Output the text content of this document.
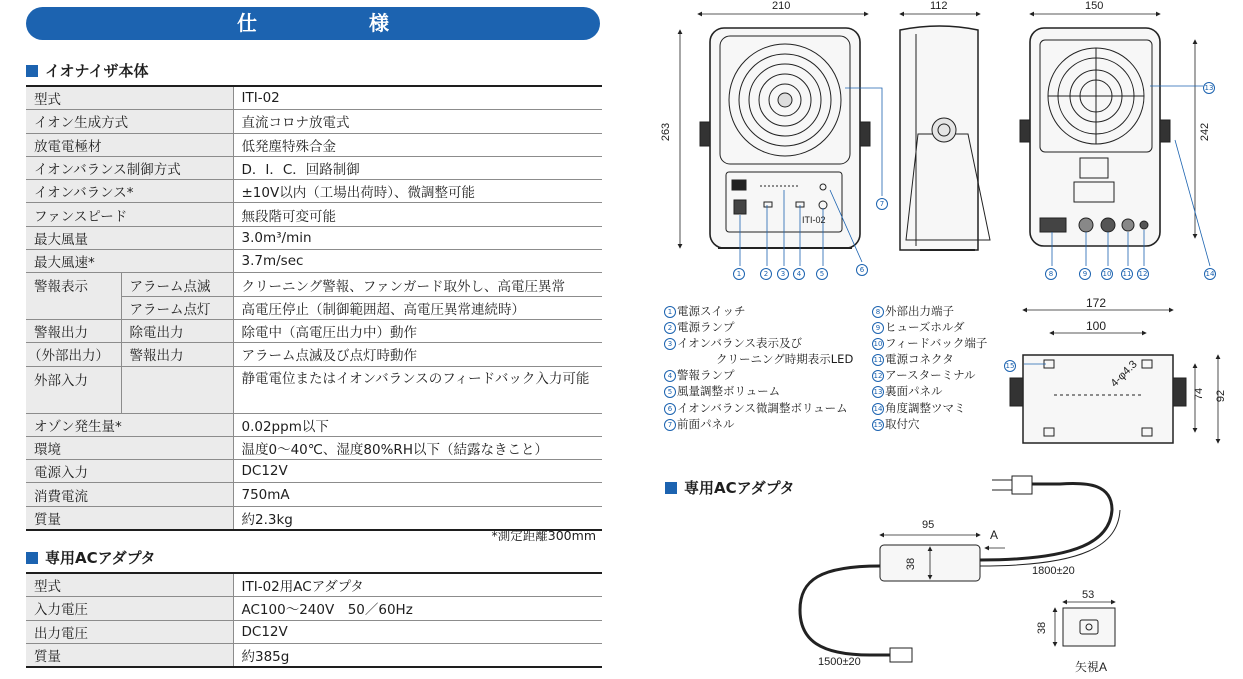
仕　様
イオナイザ本体
型式		ITI-02
イオン生成方式		直流コロナ放電式
放電電極材		低発塵特殊合金
イオンバランス制御方式		D．I．C．回路制御
イオンバランス*		±10V以内（工場出荷時）、微調整可能
ファンスピード		無段階可変可能
最大風量		3.0m³/min
最大風速*		3.7m/sec
警報表示	アラーム点滅	クリーニング警報、ファンガード取外し、高電圧異常
	アラーム点灯	高電圧停止（制御範囲超、高電圧異常連続時）
警報出力	除電出力	除電中（高電圧出力中）動作
（外部出力）	警報出力	アラーム点滅及び点灯時動作
外部入力		静電電位またはイオンバランスのフィードバック入力可能
オゾン発生量*		0.02ppm以下
環境		温度0～40℃、湿度80%RH以下（結露なきこと）
電源入力		DC12V
消費電流		750mA
質量		約2.3kg
*測定距離300mm
専用ACアダプタ
型式	ITI-02用ACアダプタ
入力電圧	AC100～240V　50／60Hz
出力電圧	DC12V
質量	約385g
210	112	150
263	242
172
100
92
74
4-φ4.3
95
38
1800±20
1500±20
53
38
矢視A
A
ITI-02
1	2	3	4	5	6
7
8	9	10	11	12
13
14
15
1 電源スイッチ
2 電源ランプ
3 イオンバランス表示及び
クリーニング時期表示LED
4 警報ランプ
5 風量調整ボリューム
6 イオンバランス微調整ボリューム
7 前面パネル
8 外部出力端子
9 ヒューズホルダ
10 フィードバック端子
11 電源コネクタ
12 アースターミナル
13 裏面パネル
14 角度調整ツマミ
15 取付穴
専用ACアダプタ
